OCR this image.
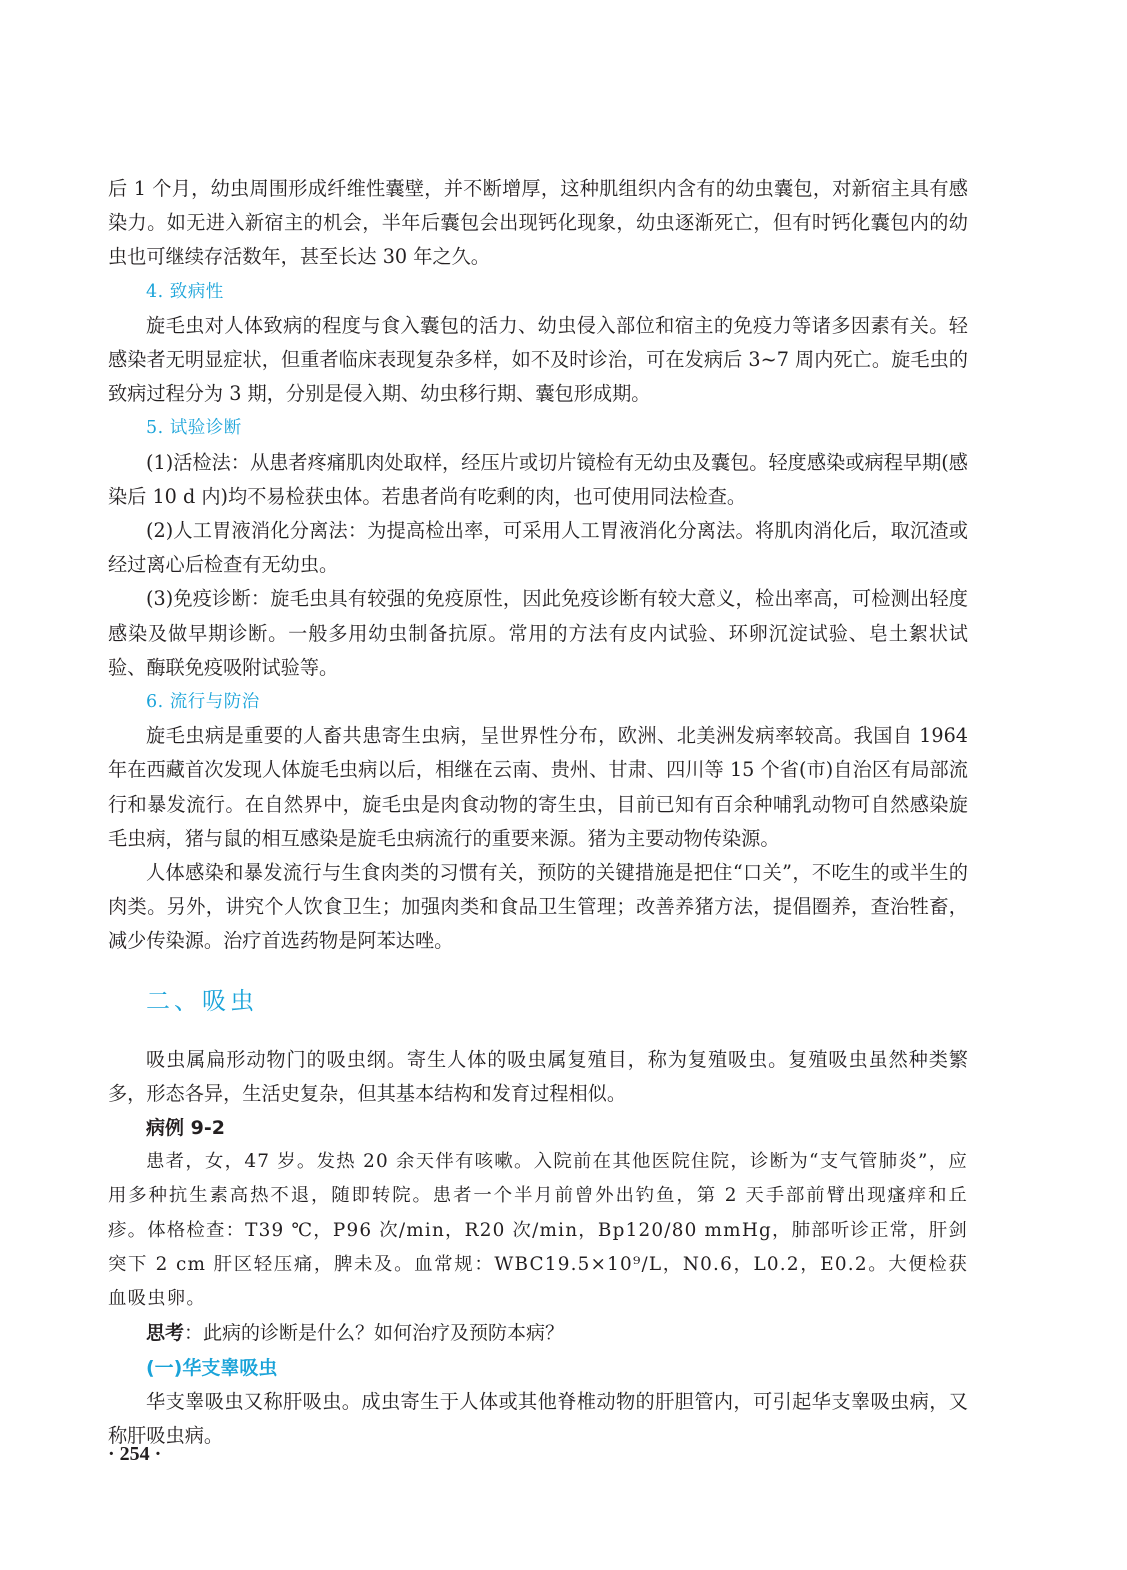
后 1 个月，幼虫周围形成纤维性囊壁，并不断增厚，这种肌组织内含有的幼虫囊包，对新宿主具有感染力。如无进入新宿主的机会，半年后囊包会出现钙化现象，幼虫逐渐死亡，但有时钙化囊包内的幼虫也可继续存活数年，甚至长达 30 年之久。

4. 致病性

旋毛虫对人体致病的程度与食入囊包的活力、幼虫侵入部位和宿主的免疫力等诸多因素有关。轻感染者无明显症状，但重者临床表现复杂多样，如不及时诊治，可在发病后 3~7 周内死亡。旋毛虫的致病过程分为 3 期，分别是侵入期、幼虫移行期、囊包形成期。

5. 试验诊断

(1)活检法：从患者疼痛肌肉处取样，经压片或切片镜检有无幼虫及囊包。轻度感染或病程早期(感染后 10 d 内)均不易检获虫体。若患者尚有吃剩的肉，也可使用同法检查。

(2)人工胃液消化分离法：为提高检出率，可采用人工胃液消化分离法。将肌肉消化后，取沉渣或经过离心后检查有无幼虫。

(3)免疫诊断：旋毛虫具有较强的免疫原性，因此免疫诊断有较大意义，检出率高，可检测出轻度感染及做早期诊断。一般多用幼虫制备抗原。常用的方法有皮内试验、环卵沉淀试验、皂土絮状试验、酶联免疫吸附试验等。

6. 流行与防治

旋毛虫病是重要的人畜共患寄生虫病，呈世界性分布，欧洲、北美洲发病率较高。我国自 1964 年在西藏首次发现人体旋毛虫病以后，相继在云南、贵州、甘肃、四川等 15 个省(市)自治区有局部流行和暴发流行。在自然界中，旋毛虫是肉食动物的寄生虫，目前已知有百余种哺乳动物可自然感染旋毛虫病，猪与鼠的相互感染是旋毛虫病流行的重要来源。猪为主要动物传染源。

人体感染和暴发流行与生食肉类的习惯有关，预防的关键措施是把住“口关”，不吃生的或半生的肉类。另外，讲究个人饮食卫生；加强肉类和食品卫生管理；改善养猪方法，提倡圈养，查治牲畜，减少传染源。治疗首选药物是阿苯达唑。

二、吸虫

吸虫属扁形动物门的吸虫纲。寄生人体的吸虫属复殖目，称为复殖吸虫。复殖吸虫虽然种类繁多，形态各异，生活史复杂，但其基本结构和发育过程相似。

病例 9-2

患者，女，47 岁。发热 20 余天伴有咳嗽。入院前在其他医院住院，诊断为“支气管肺炎”，应用多种抗生素高热不退，随即转院。患者一个半月前曾外出钓鱼，第 2 天手部前臂出现瘙痒和丘疹。体格检查：T39 ℃，P96 次/min，R20 次/min，Bp120/80 mmHg，肺部听诊正常，肝剑突下 2 cm 肝区轻压痛，脾未及。血常规：WBC19.5×10⁹/L，N0.6，L0.2，E0.2。大便检获血吸虫卵。

思考：此病的诊断是什么？如何治疗及预防本病？

(一)华支睾吸虫

华支睾吸虫又称肝吸虫。成虫寄生于人体或其他脊椎动物的肝胆管内，可引起华支睾吸虫病，又称肝吸虫病。

· 254 ·
